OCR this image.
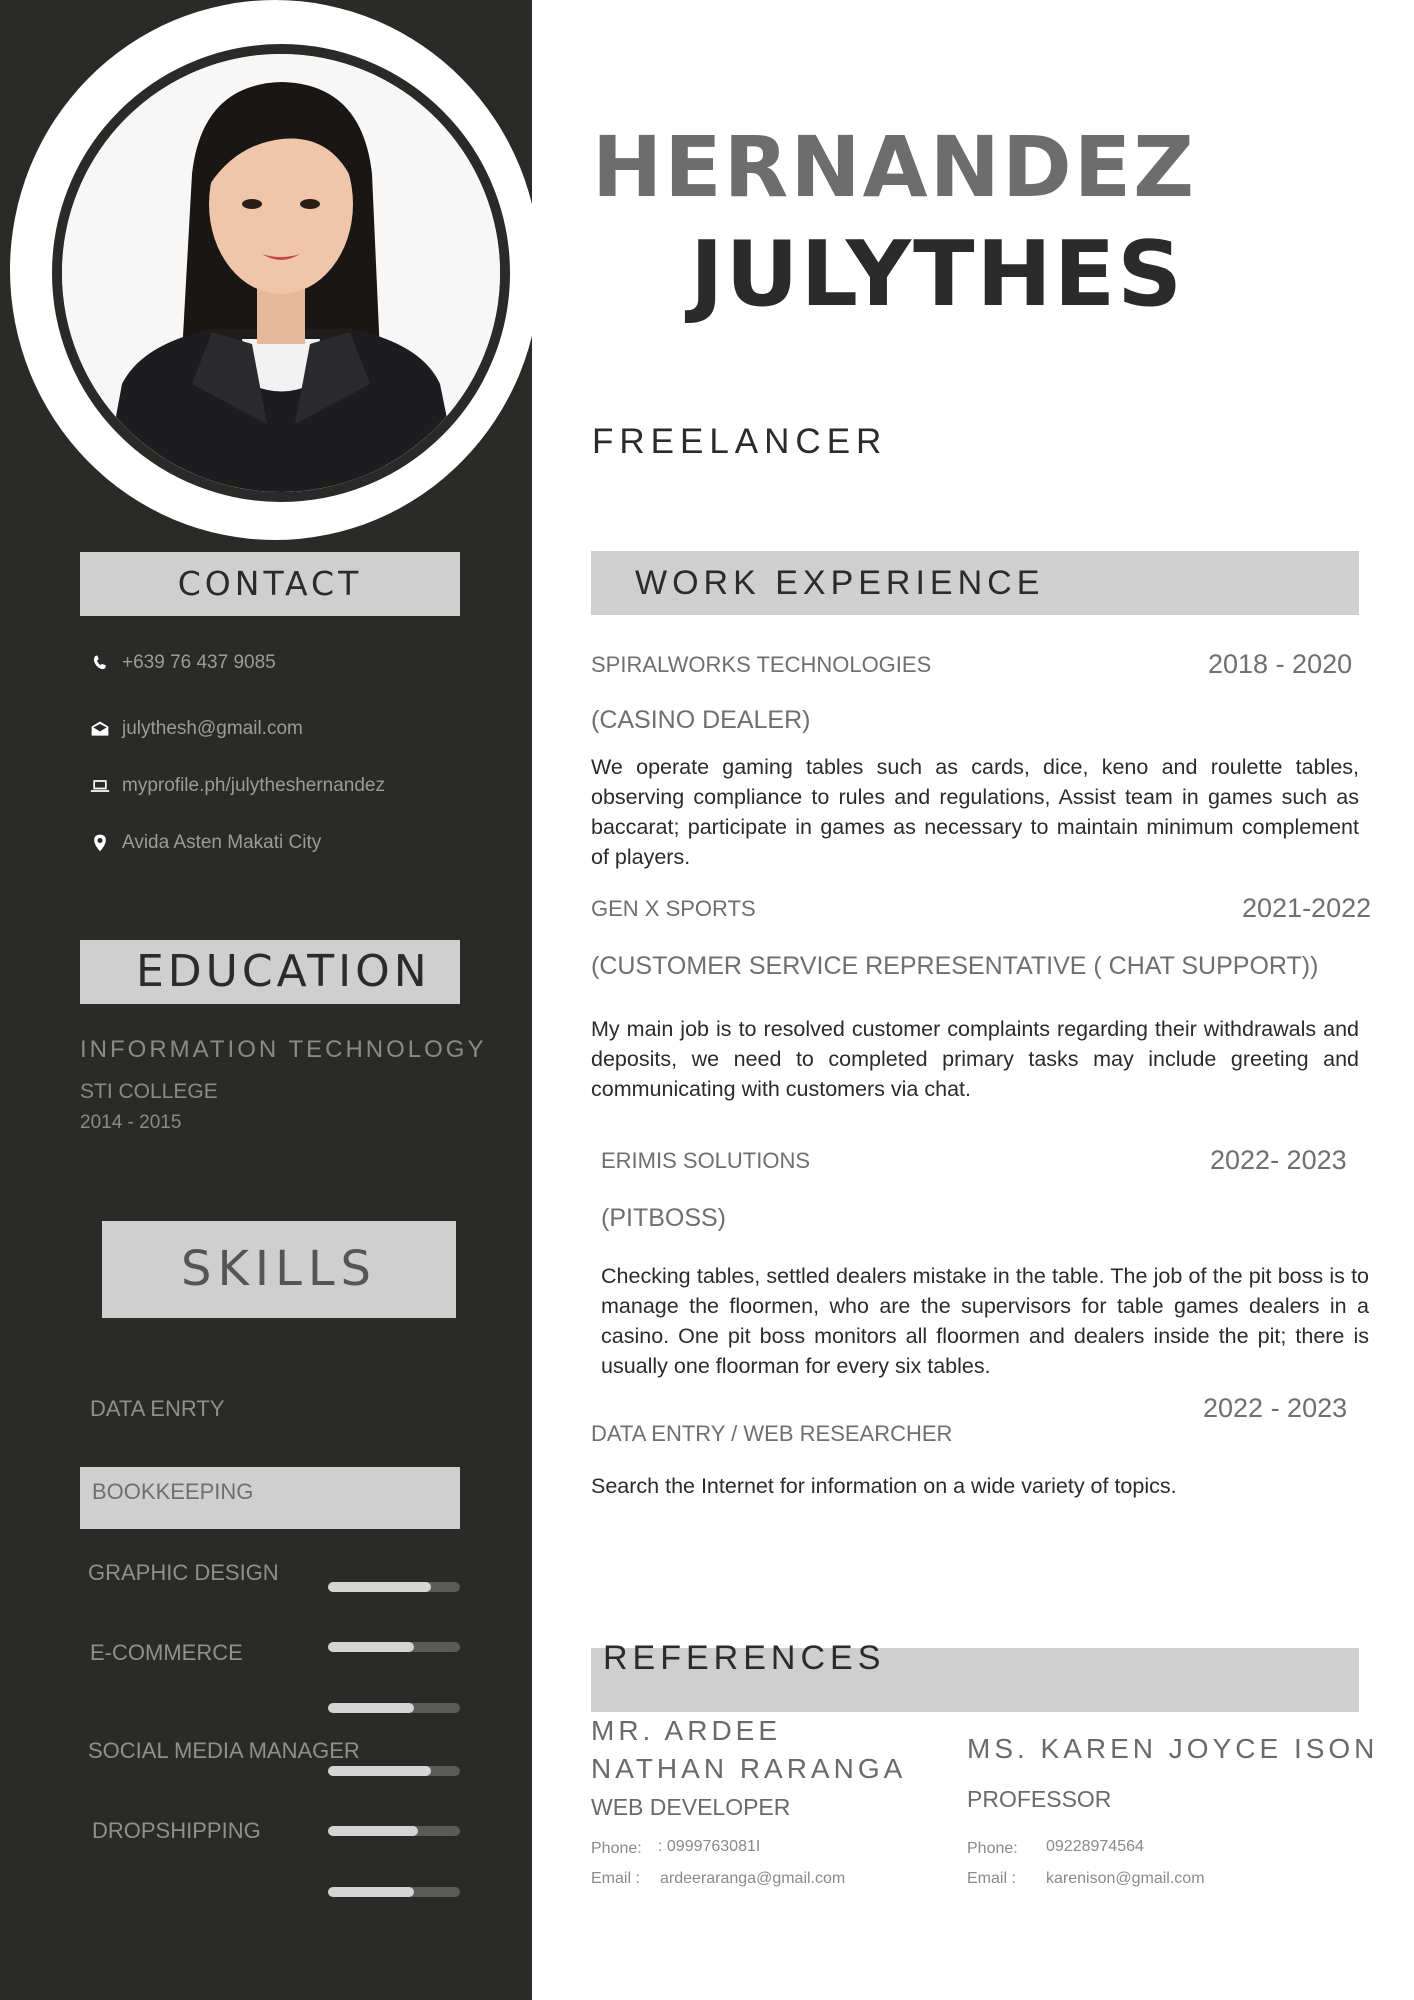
CONTACT
+639 76 437 9085
julythesh@gmail.com
myprofile.ph/julytheshernandez
Avida Asten Makati City
EDUCATION
INFORMATION TECHNOLOGY
STI COLLEGE
2014 - 2015
SKILLS
DATA ENRTY
BOOKKEEPING
GRAPHIC DESIGN
E-COMMERCE
SOCIAL MEDIA MANAGER
DROPSHIPPING
HERNANDEZ
JULYTHES
FREELANCER
WORK EXPERIENCE
SPIRALWORKS TECHNOLOGIES	2018 - 2020
(CASINO DEALER)
We operate gaming tables such as cards, dice, keno and roulette tables, observing compliance to rules and regulations, Assist team in games such as baccarat; participate in games as necessary to maintain minimum complement of players.
GEN X SPORTS	2021-2022
(CUSTOMER SERVICE REPRESENTATIVE ( CHAT SUPPORT))
My main job is to resolved customer complaints regarding their withdrawals and deposits, we need to completed primary tasks may include greeting and communicating with customers via chat.
ERIMIS SOLUTIONS	2022- 2023
(PITBOSS)
Checking tables, settled dealers mistake in the table. The job of the pit boss is to manage the floormen, who are the supervisors for table games dealers in a casino. One pit boss monitors all floormen and dealers inside the pit; there is usually one floorman for every six tables.
2022 - 2023
DATA ENTRY / WEB RESEARCHER
Search the Internet for information on a wide variety of topics.
REFERENCES
MR. ARDEE
NATHAN RARANGA
WEB DEVELOPER
Phone: : 0999763081I
Email : ardeeraranga@gmail.com
MS. KAREN JOYCE ISON
PROFESSOR
Phone: 09228974564
Email : karenison@gmail.com
